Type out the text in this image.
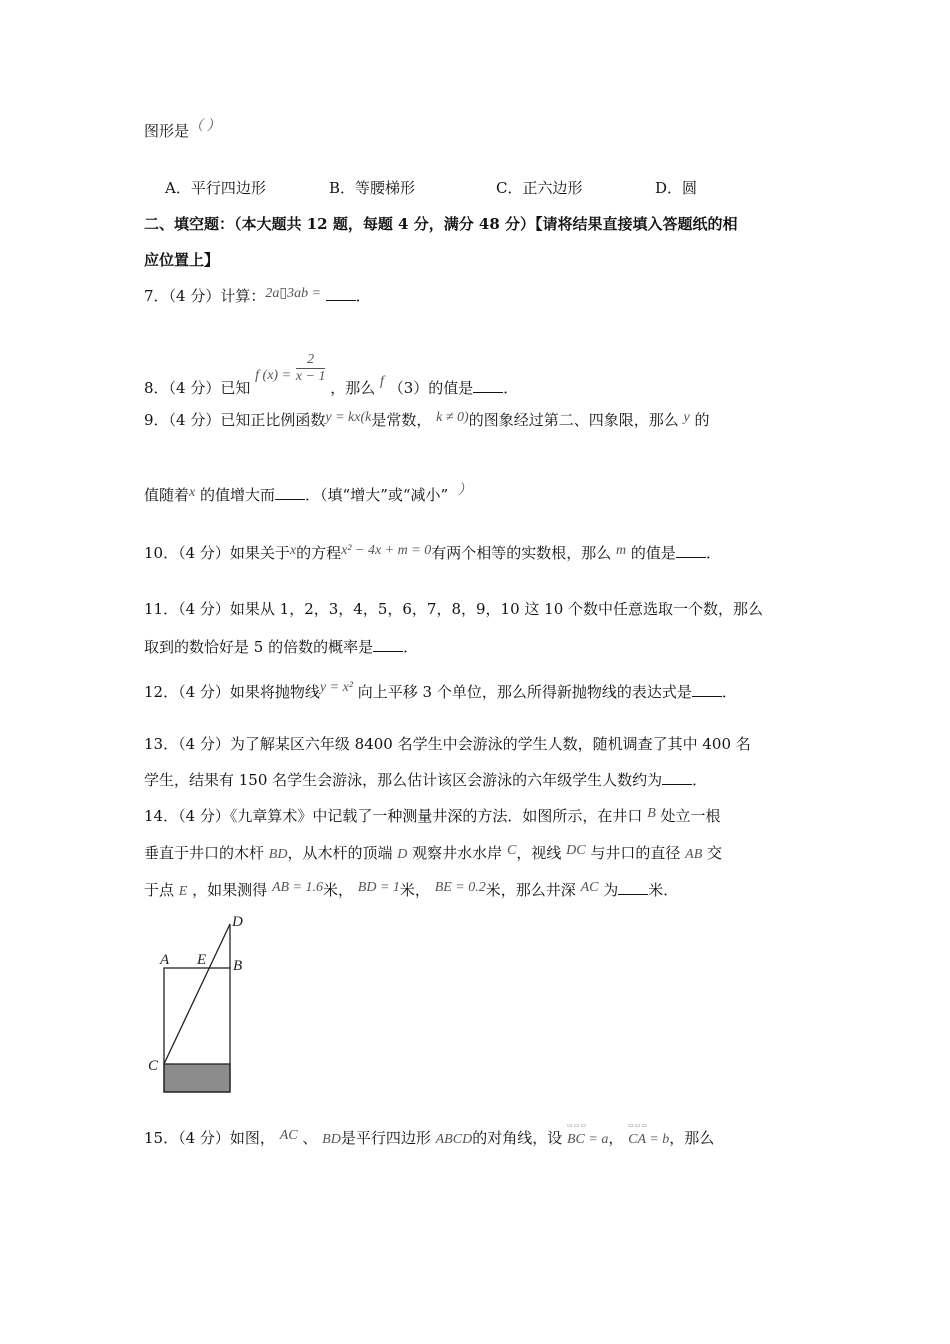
图形是（ ）
A．平行四边形	B．等腰梯形	C．正六边形	D．圆
二、填空题：（本大题共 12 题，每题 4 分，满分 48 分）【请将结果直接填入答题纸的相
应位置上】
7．（4 分）计算：2a▯3ab = ．
8．（4 分）已知 f $(x) = \frac{2}{x - 1}$
，那么 f （3）的值是 ．
9．（4 分）已知正比例函数y = kx(k是常数， k ≠ 0)的图象经过第二、四象限，那么 y 的
值随着x 的值增大而 ．（填“增大”或“减小” ）
10．（4 分）如果关于x的方程x² − 4x + m = 0有两个相等的实数根，那么 m 的值是 ．
11．（4 分）如果从 1，2，3，4，5，6，7，8，9，10 这 10 个数中任意选取一个数，那么
取到的数恰好是 5 的倍数的概率是 ．
12．（4 分）如果将抛物线y = x² 向上平移 3 个单位，那么所得新抛物线的表达式是 ．
13．（4 分）为了解某区六年级 8400 名学生中会游泳的学生人数，随机调查了其中 400 名
学生，结果有 150 名学生会游泳，那么估计该区会游泳的六年级学生人数约为 ．
14．（4 分）《九章算术》中记载了一种测量井深的方法．如图所示，在井口 B 处立一根
垂直于井口的木杆 BD，从木杆的顶端 D 观察井水水岸 C，视线 DC 与井口的直径 AB 交
于点 E ，如果测得 AB = 1.6米， BD = 1米， BE = 0.2米，那么井深 AC 为 米．
D
A E B
C
15．（4 分）如图， AC 、 BD是平行四边形 ABCD的对角线，设
▭▭▭
BC = a，
▭▭▭
CA = b，那么
